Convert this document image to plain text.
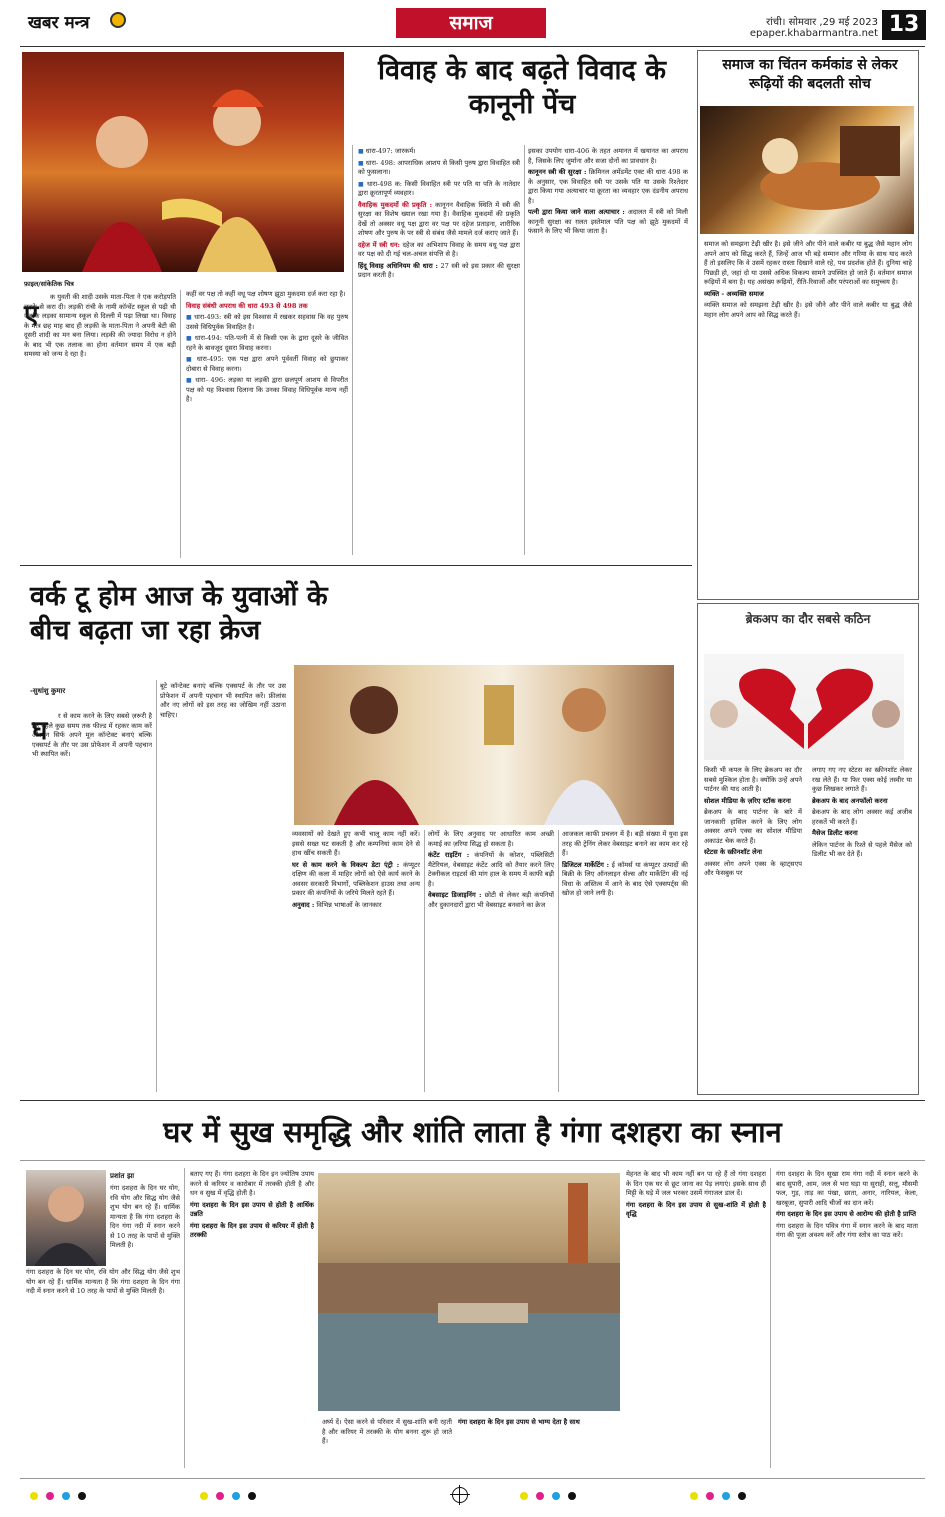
खबर मन्त्र	समाज	रांची। सोमवार ,29 मई 2023
epaper.khabarmantra.net 13
फ़ाइल/सांकेतिक चित्र
विवाह के बाद बढ़ते विवाद के कानूनी पेंच
ए

क युवती की शादी उसके माता-पिता ने एक करोड़पति लड़के से करा दी। लड़की रांची के नामी कॉन्वेंट स्कूल से पढ़ी थी जबकि लड़का सामान्य स्कूल से दिल्ली में पढ़ा लिखा था। विवाह के मात्र छह माह बाद ही लड़की के माता-पिता ने अपनी बेटी की दूसरी शादी का मन बना लिया। लड़की की ज्यादा विरोध न होने के बाद भी एक तलाक का होना वर्तमान समय में एक बड़ी समस्या को जन्म दे रहा है।

कहीं वर पक्ष तो कहीं वधू पक्ष शोषण झूठा मुकदमा दर्ज करा रहा है।

विवाह संबंधी अपराध की धारा 493 से 498 तक

■ धारा-493: स्त्री को इस विश्वास में रखकर सहवास कि वह पुरुष उससे विधिपूर्वक विवाहित है।

■ धारा-494: पति-पत्नी में से किसी एक के द्वारा दूसरे के जीवित रहने के बावजूद दूसरा विवाह करना।

■ धारा-495: एक पक्ष द्वारा अपने पूर्ववर्ती विवाह को छुपाकर दोबारा से विवाह करना।

■ धारा- 496: लड़का या लड़की द्वारा छलपूर्ण आशय से विपरीत पक्ष को यह विश्वास दिलाना कि उनका विवाह विधिपूर्वक मान्य नहीं है।

■ धारा-497: जारकर्म।

■ धारा- 498: आपराधिक आशय से किसी पुरुष द्वारा विवाहित स्त्री को फुसलाना।

■ धारा-498 क: किसी विवाहित स्त्री पर पति या पति के नातेदार द्वारा क्रूरतापूर्ण व्यवहार।

वैवाहिक मुकदमों की प्रकृति : कानूनन वैवाहिक स्थिति में स्त्री की सुरक्षा का विशेष ख्याल रखा गया है। वैवाहिक मुकदमों की प्रकृति देखें तो अक्सर वधू पक्ष द्वारा वर पक्ष पर दहेज प्रताड़ना, शारीरिक शोषण और पुरुष के पर स्त्री से संबंध जैसे मामले दर्ज कराए जाते हैं।

दहेज में स्त्री धन: दहेज का अभिशाप विवाह के समय वधू पक्ष द्वारा वर पक्ष को दी गई चल-अचल संपत्ति से है।

हिंदू विवाह अधिनियम की धारा : 27 स्त्री को इस प्रकार की सुरक्षा प्रदान करती है।

इसका उपयोग धारा-406 के तहत अमानत में खयानत का अपराध है, जिसके लिए जुर्माना और सजा दोनों का प्रावधान है।

कानूनन स्त्री की सुरक्षा : क्रिमिनल अमेंडमेंट एक्ट की धारा 498 क के अनुसार, एक विवाहित स्त्री पर उसके पति या उसके रिश्तेदार द्वारा किया गया अत्याचार या क्रूरता का व्यवहार एक दंडनीय अपराध है।

पत्नी द्वारा किया जाने वाला अत्याचार : अदालत में स्त्री को मिली कानूनी सुरक्षा का ग़लत इस्तेमाल पति पक्ष को झूठे मुकदमों में फंसाने के लिए भी किया जाता है।

समाज का चिंतन कर्मकांड से लेकर रूढ़ियों की बदलती सोच

समाज को समझना टेढ़ी खीर है। इसे जीने और पीने वाले कबीर या बुद्ध जैसे महान लोग अपने आप को सिद्ध करते हैं, जिन्हें आज भी बड़े सम्मान और गरिमा के साथ याद करते हैं तो इसलिए कि वे उसमें रहकर रास्ता दिखाने वाले रहे, पथ प्रदर्शक होते हैं। दुनिया चाहे पिछड़ी हो, जहां दो या उससे अधिक विकल्प सामने उपस्थित हो जाते हैं। वर्तमान समाज रूढ़ियों में बना है। यह असंख्य रूढ़ियों, रीति-रिवाजों और परंपराओं का समुच्चय है।

व्यक्ति - अव्यक्ति समाज

व्यक्ति समाज को समझना टेढ़ी खीर है। इसे जीने और पीने वाले कबीर या बुद्ध जैसे महान लोग अपने आप को सिद्ध करते हैं।

वर्क टू होम आज के युवाओं के बीच बढ़ता जा रहा क्रेज
-सुधांशु कुमार
घ	र से काम करने के लिए सबसे ज़रूरी है कि पहले कुछ समय तक फील्ड में रहकर काम करें और न सिर्फ अपने मूल कॉन्टेक्ट बनाएं बल्कि एक्सपर्ट के तौर पर उस प्रोफेशन में अपनी पहचान भी स्थापित करें।

बूटे कॉन्टेक्ट बनाएं बल्कि एक्सपर्ट के तौर पर उस प्रोफेशन में अपनी पहचान भी स्थापित करें। फ्रीलांस और नए लोगों को इस तरह का जोखिम नहीं उठाना चाहिए।

व्यवसायों को देखते हुए कभी चालू काम नहीं करें। इससे सख्त घट सकती है और कम्पनियां काम देने से हाथ खींच सकती हैं।

घर से काम करने के विकल्प डेटा एंट्री : कंप्यूटर दक्षिण की कला में माहिर लोगों को ऐसे कार्य करने के अवसर सरकारी विभागों, पब्लिकेशन हाउस तथा अन्य प्रकार की कंपनियों के जरिये मिलते रहते हैं।

अनुवाद : विभिन्न भाषाओं के जानकार

लोगों के लिए अनुवाद पर आधारित काम अच्छी कमाई का ज़रिया सिद्ध हो सकता है।

कंटेंट राइटिंग : कंपनियों के कोशर, पब्लिसिटी मैटेरियल, वेबसाइट कंटेंट आदि को तैयार करने लिए टेक्नीकल राइटर्स की मांग हाल के समय में काफी बढ़ी है।

वेबसाइट डिजाइनिंग : छोटी से लेकर बड़ी कंपनियों और दुकानदारों द्वारा भी वेबसाइट बनवाने का क्रेज

आजकल काफी प्रचलन में है। बड़ी संख्या में युवा इस तरह की ट्रेनिंग लेकर वेबसाइट बनाने का काम कर रहे हैं।

डिजिटल मार्केटिंग : ई कॉमर्स या कंप्यूटर उत्पादों की बिक्री के लिए ऑनलाइन सेल्स और मार्केटिंग की नई विधा के अस्तित्व में आने के बाद ऐसे एक्सपर्ट्स की खोज हो जाने लगी है।

ब्रेकअप का दौर सबसे कठिन

किसी भी कपल के लिए ब्रेकअप का दौर सबसे मुश्किल होता है। क्योंकि उन्हें अपने पार्टनर की याद आती है।

सोशल मीडिया के ज़रिए स्टॉक करना

ब्रेकअप के बाद पार्टनर के बारे में जानकारी हासिल करने के लिए लोग अक्सर अपने एक्स का सोशल मीडिया अकाउंट चेक करते हैं।

स्टेटस के स्क्रीनशॉट लेना

अक्सर लोग अपने एक्स के व्हाट्सएप और फेसबुक पर

लगाए गए नए स्टेटस का स्क्रीनशॉट लेकर रख लेते हैं। या फिर एक्स कोई तस्वीर या कुछ लिखकर लगाते हैं।

ब्रेकअप के बाद अनफॉलो करना

ब्रेकअप के बाद लोग अक्सर कई अजीब हरकतें भी करते हैं।

मैसेज डिलीट करना

लेकिन पार्टनर के रिश्ते से पहले मैसेज को डिलीट भी कर देते हैं।

घर में सुख समृद्धि और शांति लाता है गंगा दशहरा का स्नान
प्रशांत झा

गंगा दशहरा के दिन घर योग, रवि योग और सिद्ध योग जैसे शुभ योग बन रहे हैं। धार्मिक मान्यता है कि गंगा दशहरा के दिन गंगा नदी में स्नान करने से 10 तरह के पापों से मुक्ति मिलती है।

गंगा दशहरा के दिन घर योग, रवि योग और सिद्ध योग जैसे शुभ योग बन रहे हैं। धार्मिक मान्यता है कि गंगा दशहरा के दिन गंगा नदी में स्नान करने से 10 तरह के पापों से मुक्ति मिलती है।

बताए गए हैं। गंगा दशहरा के दिन इन ज्योतिष उपाय करने से करियर व कारोबार में तरक्की होती है और धन व सुख में वृद्धि होती है।

गंगा दशहरा के दिन इस उपाय से होती है आर्थिक उन्नति

गंगा दशहरा के दिन इस उपाय से करियर में होती है तरक्की

अर्घ्य दें। ऐसा करने से परिवार में सुख-शांति बनी रहती है और करियर में तरक्की के योग बनना शुरू हो जाते हैं।

गंगा दशहरा के दिन इस उपाय से भाग्य देता है साथ

मेहनत के बाद भी काम नहीं बन पा रहे हैं तो गंगा दशहरा के दिन एक घर से छूट जाना का पेड़ लगाएं। इसके साथ ही मिट्टी के घड़े में जल भरकर उसमें गंगाजल डाल दें।

गंगा दशहरा के दिन इस उपाय से सुख-शांति में होती है वृद्धि

गंगा दशहरा के दिन सूखा राम गंगा नदी में स्नान करने के बाद सुपारी, आम, जल से भरा घड़ा या सुराही, सत्तू, मौसमी फल, गुड़, ताड़ का पंखा, छाता, अनार, नारियल, केला, खरबूजा, सुपारी आदि चीजों का दान करें।

गंगा दशहरा के दिन इस उपाय से आरोग्य की होती है प्राप्ति

गंगा दशहरा के दिन पवित्र गंगा में स्नान करने के बाद माता गंगा की पूजा अवश्य करें और गंगा स्तोत्र का पाठ करें।
